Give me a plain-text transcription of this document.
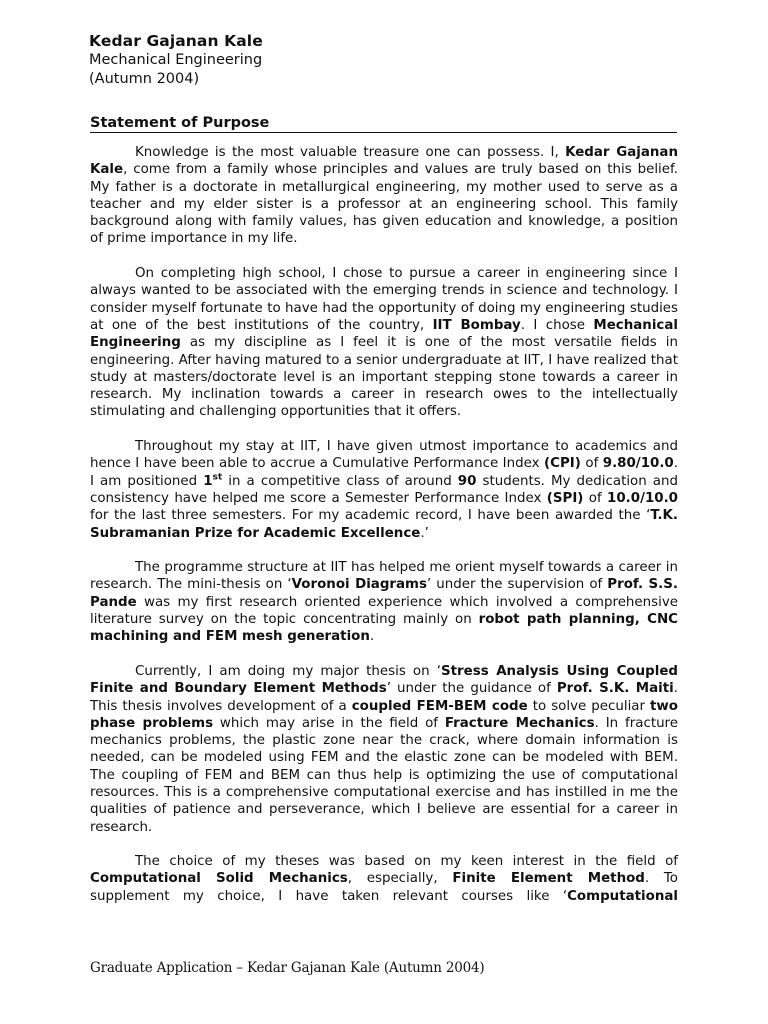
Kedar Gajanan Kale
Mechanical Engineering
(Autumn 2004)
Statement of Purpose

Knowledge is the most valuable treasure one can possess. I, Kedar Gajanan Kale, come from a family whose principles and values are truly based on this belief. My father is a doctorate in metallurgical engineering, my mother used to serve as a teacher and my elder sister is a professor at an engineering school. This family background along with family values, has given education and knowledge, a position of prime importance in my life.

On completing high school, I chose to pursue a career in engineering since I always wanted to be associated with the emerging trends in science and technology. I consider myself fortunate to have had the opportunity of doing my engineering studies at one of the best institutions of the country, IIT Bombay. I chose Mechanical Engineering as my discipline as I feel it is one of the most versatile fields in engineering. After having matured to a senior undergraduate at IIT, I have realized that study at masters/doctorate level is an important stepping stone towards a career in research. My inclination towards a career in research owes to the intellectually stimulating and challenging opportunities that it offers.

Throughout my stay at IIT, I have given utmost importance to academics and hence I have been able to accrue a Cumulative Performance Index (CPI) of 9.80/10.0. I am positioned 1st in a competitive class of around 90 students. My dedication and consistency have helped me score a Semester Performance Index (SPI) of 10.0/10.0 for the last three semesters. For my academic record, I have been awarded the ‘T.K. Subramanian Prize for Academic Excellence.’

The programme structure at IIT has helped me orient myself towards a career in research. The mini-thesis on ‘Voronoi Diagrams’ under the supervision of Prof. S.S. Pande was my first research oriented experience which involved a comprehensive literature survey on the topic concentrating mainly on robot path planning, CNC machining and FEM mesh generation.

Currently, I am doing my major thesis on ‘Stress Analysis Using Coupled Finite and Boundary Element Methods’ under the guidance of Prof. S.K. Maiti. This thesis involves development of a coupled FEM-BEM code to solve peculiar two phase problems which may arise in the field of Fracture Mechanics. In fracture mechanics problems, the plastic zone near the crack, where domain information is needed, can be modeled using FEM and the elastic zone can be modeled with BEM. The coupling of FEM and BEM can thus help is optimizing the use of computational resources. This is a comprehensive computational exercise and has instilled in me the qualities of patience and perseverance, which I believe are essential for a career in research.

The choice of my theses was based on my keen interest in the field of Computational Solid Mechanics, especially, Finite Element Method. To supplement my choice, I have taken relevant courses like ‘Computational

Graduate Application – Kedar Gajanan Kale (Autumn 2004)
